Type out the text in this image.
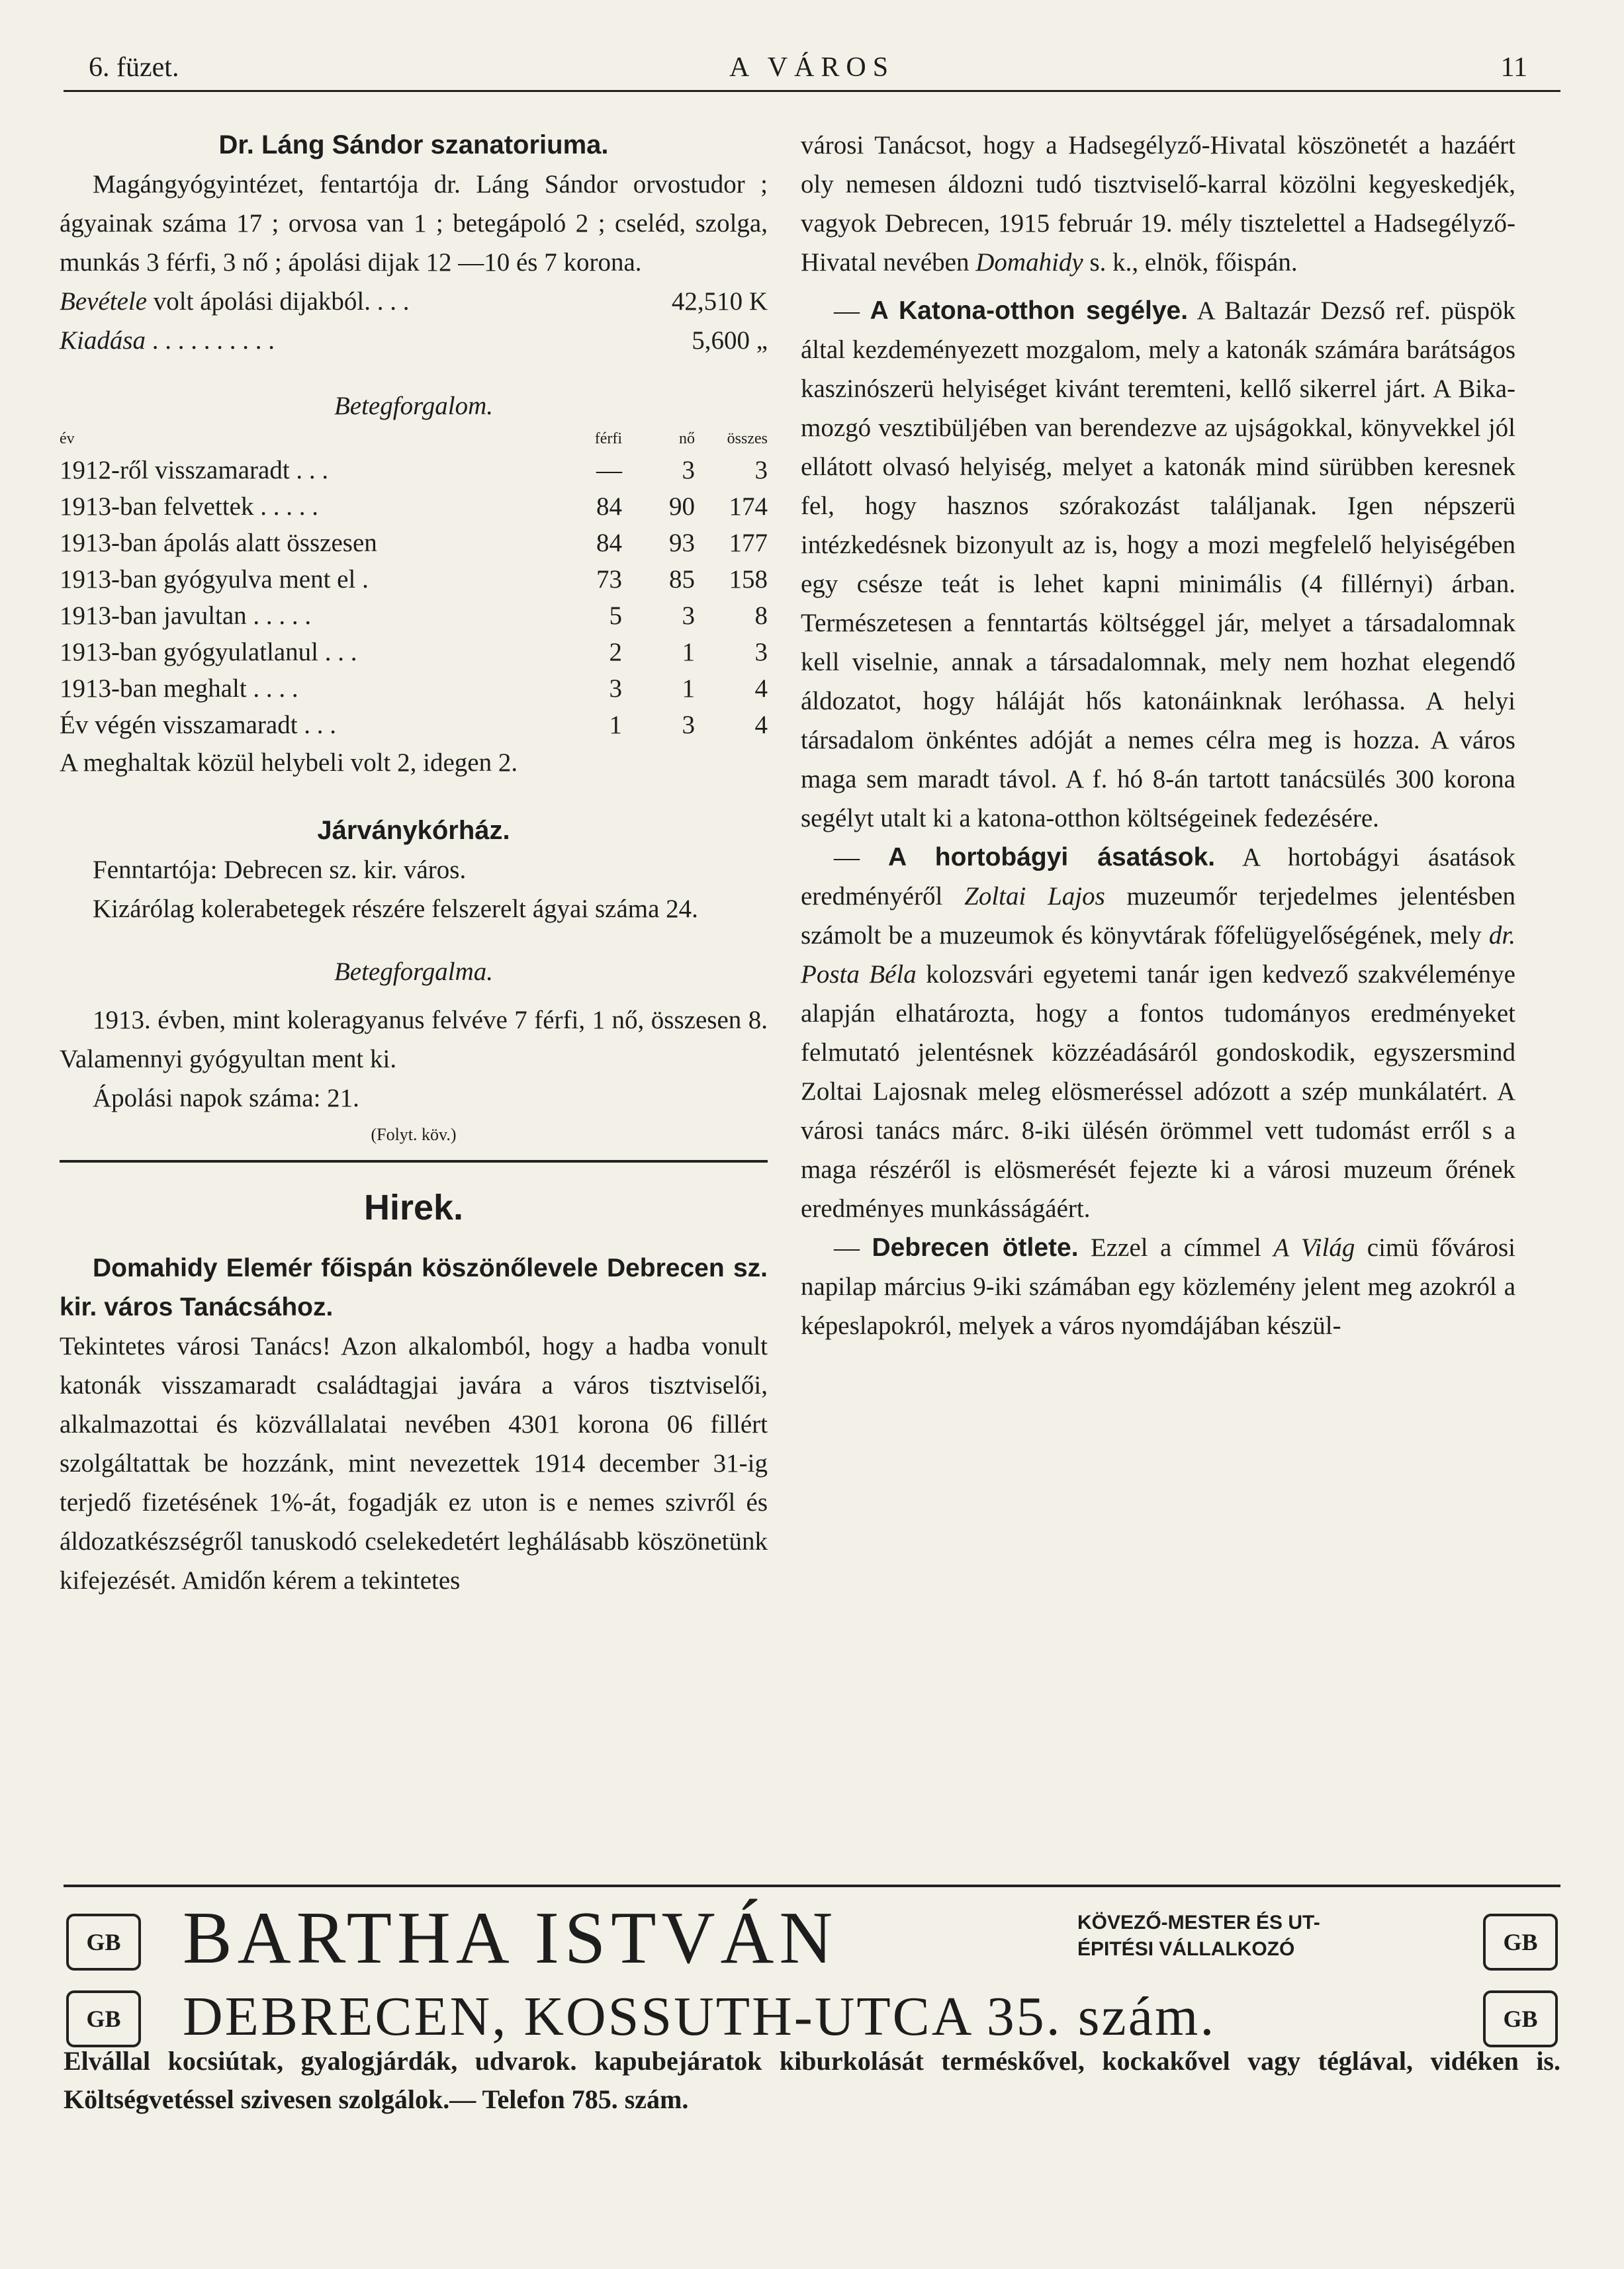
6. füzet.	A VÁROS	11
Dr. Láng Sándor szanatoriuma.

Magángyógyintézet, fentartója dr. Láng Sándor orvostudor ; ágyainak száma 17 ; orvosa van 1 ; betegápoló 2 ; cseléd, szolga, munkás 3 férfi, 3 nő ; ápolási dijak 12 —10 és 7 korona.

Bevétele volt ápolási dijakból. . . .	42,510 K
Kiadása . . . . . . . . . .	5,600 „

Betegforgalom.

év	férfi	nő	összes
1912-ről visszamaradt . . .	—	3	3
1913-ban felvettek . . . . .	84	90	174
1913-ban ápolás alatt összesen	84	93	177
1913-ban gyógyulva ment el .	73	85	158
1913-ban javultan . . . . .	5	3	8
1913-ban gyógyulatlanul . . .	2	1	3
1913-ban meghalt . . . .	3	1	4
Év végén visszamaradt . . .	1	3	4

A meghaltak közül helybeli volt 2, idegen 2.

Járványkórház.

Fenntartója: Debrecen sz. kir. város.

Kizárólag kolerabetegek részére felszerelt ágyai száma 24.

Betegforgalma.

1913. évben, mint koleragyanus felvéve 7 férfi, 1 nő, összesen 8. Valamennyi gyógyultan ment ki.

Ápolási napok száma: 21.

(Folyt. köv.)

Hirek.

Domahidy Elemér főispán köszönőlevele Debrecen sz. kir. város Tanácsához.

Tekintetes városi Tanács! Azon alkalomból, hogy a hadba vonult katonák visszamaradt családtagjai javára a város tisztviselői, alkalmazottai és közvállalatai nevében 4301 korona 06 fillért szolgáltattak be hozzánk, mint nevezettek 1914 december 31-ig terjedő fizetésének 1%-át, fogadják ez uton is e nemes szivről és áldozatkészségről tanuskodó cselekedetért leghálásabb köszönetünk kifejezését. Amidőn kérem a tekintetes

városi Tanácsot, hogy a Hadsegélyző-Hivatal köszönetét a hazáért oly nemesen áldozni tudó tisztviselő-karral közölni kegyeskedjék, vagyok Debrecen, 1915 február 19. mély tisztelettel a Hadsegélyző-Hivatal nevében Domahidy s. k., elnök, főispán.

— A Katona-otthon segélye. A Baltazár Dezső ref. püspök által kezdeményezett mozgalom, mely a katonák számára barátságos kaszinószerü helyiséget kivánt teremteni, kellő sikerrel járt. A Bika-mozgó vesztibüljében van berendezve az ujságokkal, könyvekkel jól ellátott olvasó helyiség, melyet a katonák mind sürübben keresnek fel, hogy hasznos szórakozást találjanak. Igen népszerü intézkedésnek bizonyult az is, hogy a mozi megfelelő helyiségében egy csésze teát is lehet kapni minimális (4 fillérnyi) árban. Természetesen a fenntartás költséggel jár, melyet a társadalomnak kell viselnie, annak a társadalomnak, mely nem hozhat elegendő áldozatot, hogy háláját hős katonáinknak leróhassa. A helyi társadalom önkéntes adóját a nemes célra meg is hozza. A város maga sem maradt távol. A f. hó 8-án tartott tanácsülés 300 korona segélyt utalt ki a katona-otthon költségeinek fedezésére.

— A hortobágyi ásatások. A hortobágyi ásatások eredményéről Zoltai Lajos muzeumőr terjedelmes jelentésben számolt be a muzeumok és könyvtárak főfelügyelőségének, mely dr. Posta Béla kolozsvári egyetemi tanár igen kedvező szakvéleménye alapján elhatározta, hogy a fontos tudományos eredményeket felmutató jelentésnek közzéadásáról gondoskodik, egyszersmind Zoltai Lajosnak meleg elösmeréssel adózott a szép munkálatért. A városi tanács márc. 8-iki ülésén örömmel vett tudomást erről s a maga részéről is elösmerését fejezte ki a városi muzeum őrének eredményes munkásságáért.

— Debrecen ötlete. Ezzel a címmel A Világ cimü fővárosi napilap március 9-iki számában egy közlemény jelent meg azokról a képeslapokról, melyek a város nyomdájában készül-

GB BARTHA ISTVÁN	KÖVEZŐ-MESTER ÉS UT-
ÉPITÉSI VÁLLALKOZÓ	GB
GB	DEBRECEN, KOSSUTH-UTCA 35. szám.	GB
Elvállal kocsiútak, gyalogjárdák, udvarok. kapubejáratok kiburkolását terméskővel, kockakővel vagy téglával, vidéken is. Költségvetéssel szivesen szolgálok.— Telefon 785. szám.
